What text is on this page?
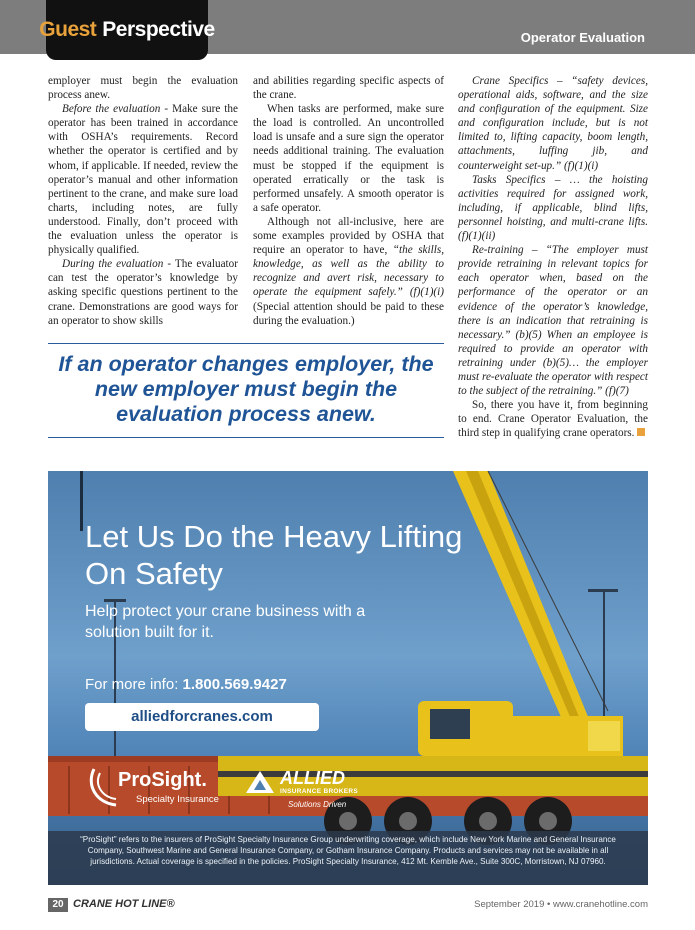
Guest Perspective	Operator Evaluation

employer must begin the evaluation process anew.

Before the evaluation - Make sure the operator has been trained in accordance with OSHA’s requirements. Record whether the operator is certified and by whom, if applicable. If needed, review the operator’s manual and other information pertinent to the crane, and make sure load charts, including notes, are fully understood. Finally, don’t proceed with the evaluation unless the operator is physically qualified.

During the evaluation - The evaluator can test the operator’s knowledge by asking specific questions pertinent to the crane. Demonstrations are good ways for an operator to show skills

and abilities regarding specific aspects of the crane.

When tasks are performed, make sure the load is controlled. An uncontrolled load is unsafe and a sure sign the operator needs additional training. The evaluation must be stopped if the equipment is operated erratically or the task is performed unsafely. A smooth operator is a safe operator.

Although not all-inclusive, here are some examples provided by OSHA that require an operator to have, “the skills, knowledge, as well as the ability to recognize and avert risk, necessary to operate the equipment safely.” (f)(1)(i) (Special attention should be paid to these during the evaluation.)

Crane Specifics – “safety devices, operational aids, software, and the size and configuration of the equipment. Size and configuration include, but is not limited to, lifting capacity, boom length, attachments, luffing jib, and counterweight set-up.” (f)(1)(i)

Tasks Specifics – … the hoisting activities required for assigned work, including, if applicable, blind lifts, personnel hoisting, and multi-crane lifts. (f)(1)(ii)

Re-training – “The employer must provide retraining in relevant topics for each operator when, based on the performance of the operator or an evidence of the operator’s knowledge, there is an indication that retraining is necessary.” (b)(5) When an employee is required to provide an operator with retraining under (b)(5)… the employer must re-evaluate the operator with respect to the subject of the retraining.” (f)(7)

So, there you have it, from beginning to end. Crane Operator Evaluation, the third step in qualifying crane operators.

If an operator changes employer, the new employer must begin the evaluation process anew.
Let Us Do the Heavy Lifting On Safety
Help protect your crane business with a solution built for it.
For more info: 1.800.569.9427
alliedforcranes.com
ProSight.
Specialty Insurance
ALLIED
INSURANCE BROKERS
Solutions Driven
“ProSight” refers to the insurers of ProSight Specialty Insurance Group underwriting coverage, which include New York Marine and General Insurance Company, Southwest Marine and General Insurance Company, or Gotham Insurance Company. Products and services may not be available in all jurisdictions. Actual coverage is specified in the policies. ProSight Specialty Insurance, 412 Mt. Kemble Ave., Suite 300C, Morristown, NJ 07960.
20 CRANE HOT LINE®	September 2019 • www.cranehotline.com
